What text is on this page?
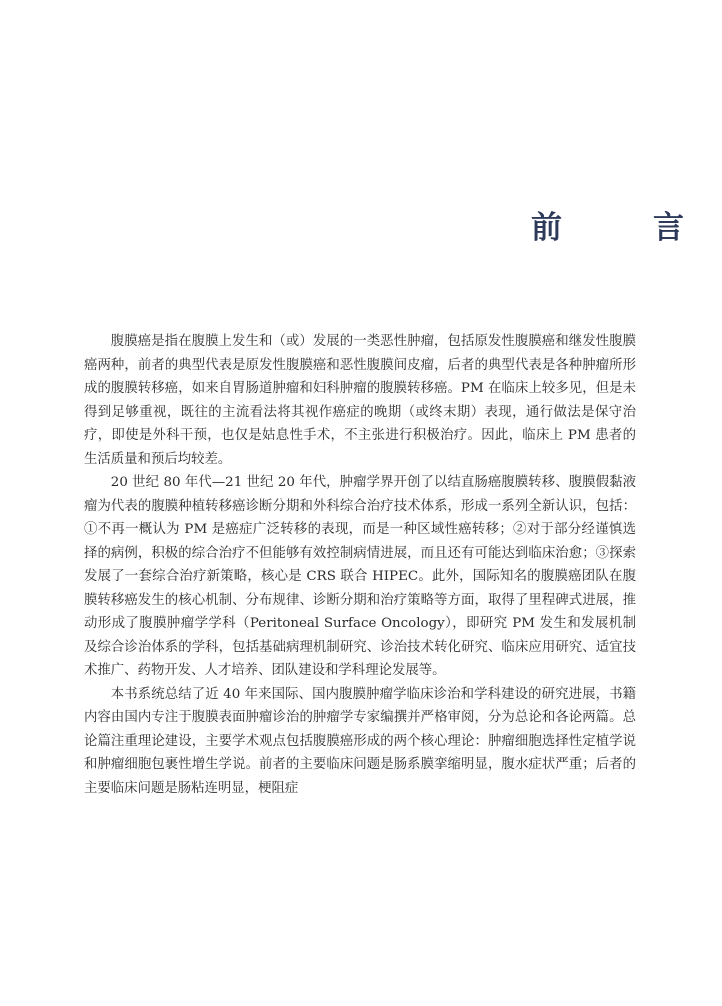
前　言

腹膜癌是指在腹膜上发生和（或）发展的一类恶性肿瘤，包括原发性腹膜癌和继发性腹膜癌两种，前者的典型代表是原发性腹膜癌和恶性腹膜间皮瘤，后者的典型代表是各种肿瘤所形成的腹膜转移癌，如来自胃肠道肿瘤和妇科肿瘤的腹膜转移癌。PM 在临床上较多见，但是未得到足够重视，既往的主流看法将其视作癌症的晚期（或终末期）表现，通行做法是保守治疗，即使是外科干预，也仅是姑息性手术，不主张进行积极治疗。因此，临床上 PM 患者的生活质量和预后均较差。

20 世纪 80 年代—21 世纪 20 年代，肿瘤学界开创了以结直肠癌腹膜转移、腹膜假黏液瘤为代表的腹膜种植转移癌诊断分期和外科综合治疗技术体系，形成一系列全新认识，包括：①不再一概认为 PM 是癌症广泛转移的表现，而是一种区域性癌转移；②对于部分经谨慎选择的病例，积极的综合治疗不但能够有效控制病情进展，而且还有可能达到临床治愈；③探索发展了一套综合治疗新策略，核心是 CRS 联合 HIPEC。此外，国际知名的腹膜癌团队在腹膜转移癌发生的核心机制、分布规律、诊断分期和治疗策略等方面，取得了里程碑式进展，推动形成了腹膜肿瘤学学科（Peritoneal Surface Oncology），即研究 PM 发生和发展机制及综合诊治体系的学科，包括基础病理机制研究、诊治技术转化研究、临床应用研究、适宜技术推广、药物开发、人才培养、团队建设和学科理论发展等。

本书系统总结了近 40 年来国际、国内腹膜肿瘤学临床诊治和学科建设的研究进展，书籍内容由国内专注于腹膜表面肿瘤诊治的肿瘤学专家编撰并严格审阅，分为总论和各论两篇。总论篇注重理论建设，主要学术观点包括腹膜癌形成的两个核心理论：肿瘤细胞选择性定植学说和肿瘤细胞包裹性增生学说。前者的主要临床问题是肠系膜挛缩明显，腹水症状严重；后者的主要临床问题是肠粘连明显，梗阻症
